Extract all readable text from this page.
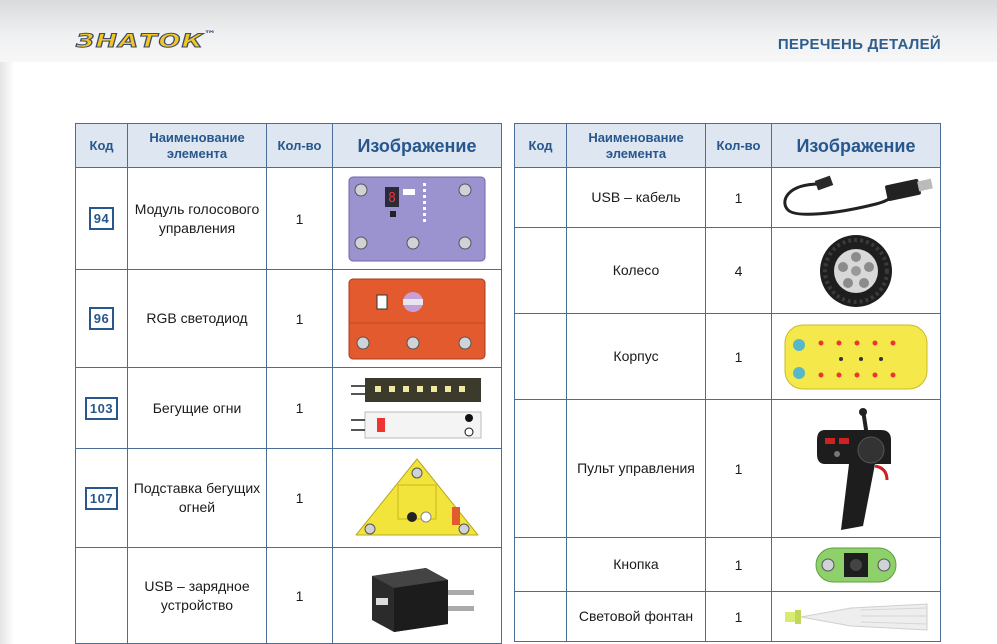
ЗНАТОК™
ПЕРЕЧЕНЬ ДЕТАЛЕЙ
Код	Наименование элемента	Кол-во	Изображение
94	Модуль голосового управления	1	8

96	RGB светодиод	1	

103	Бегущие огни	1	

107	Подставка бегущих огней	1	

	USB – зарядное устройство	1	
Код	Наименование элемента	Кол-во	Изображение
	USB – кабель	1	

	Колесо	4	

	Корпус	1	

	Пульт управления	1	

	Кнопка	1	

	Световой фонтан	1	
